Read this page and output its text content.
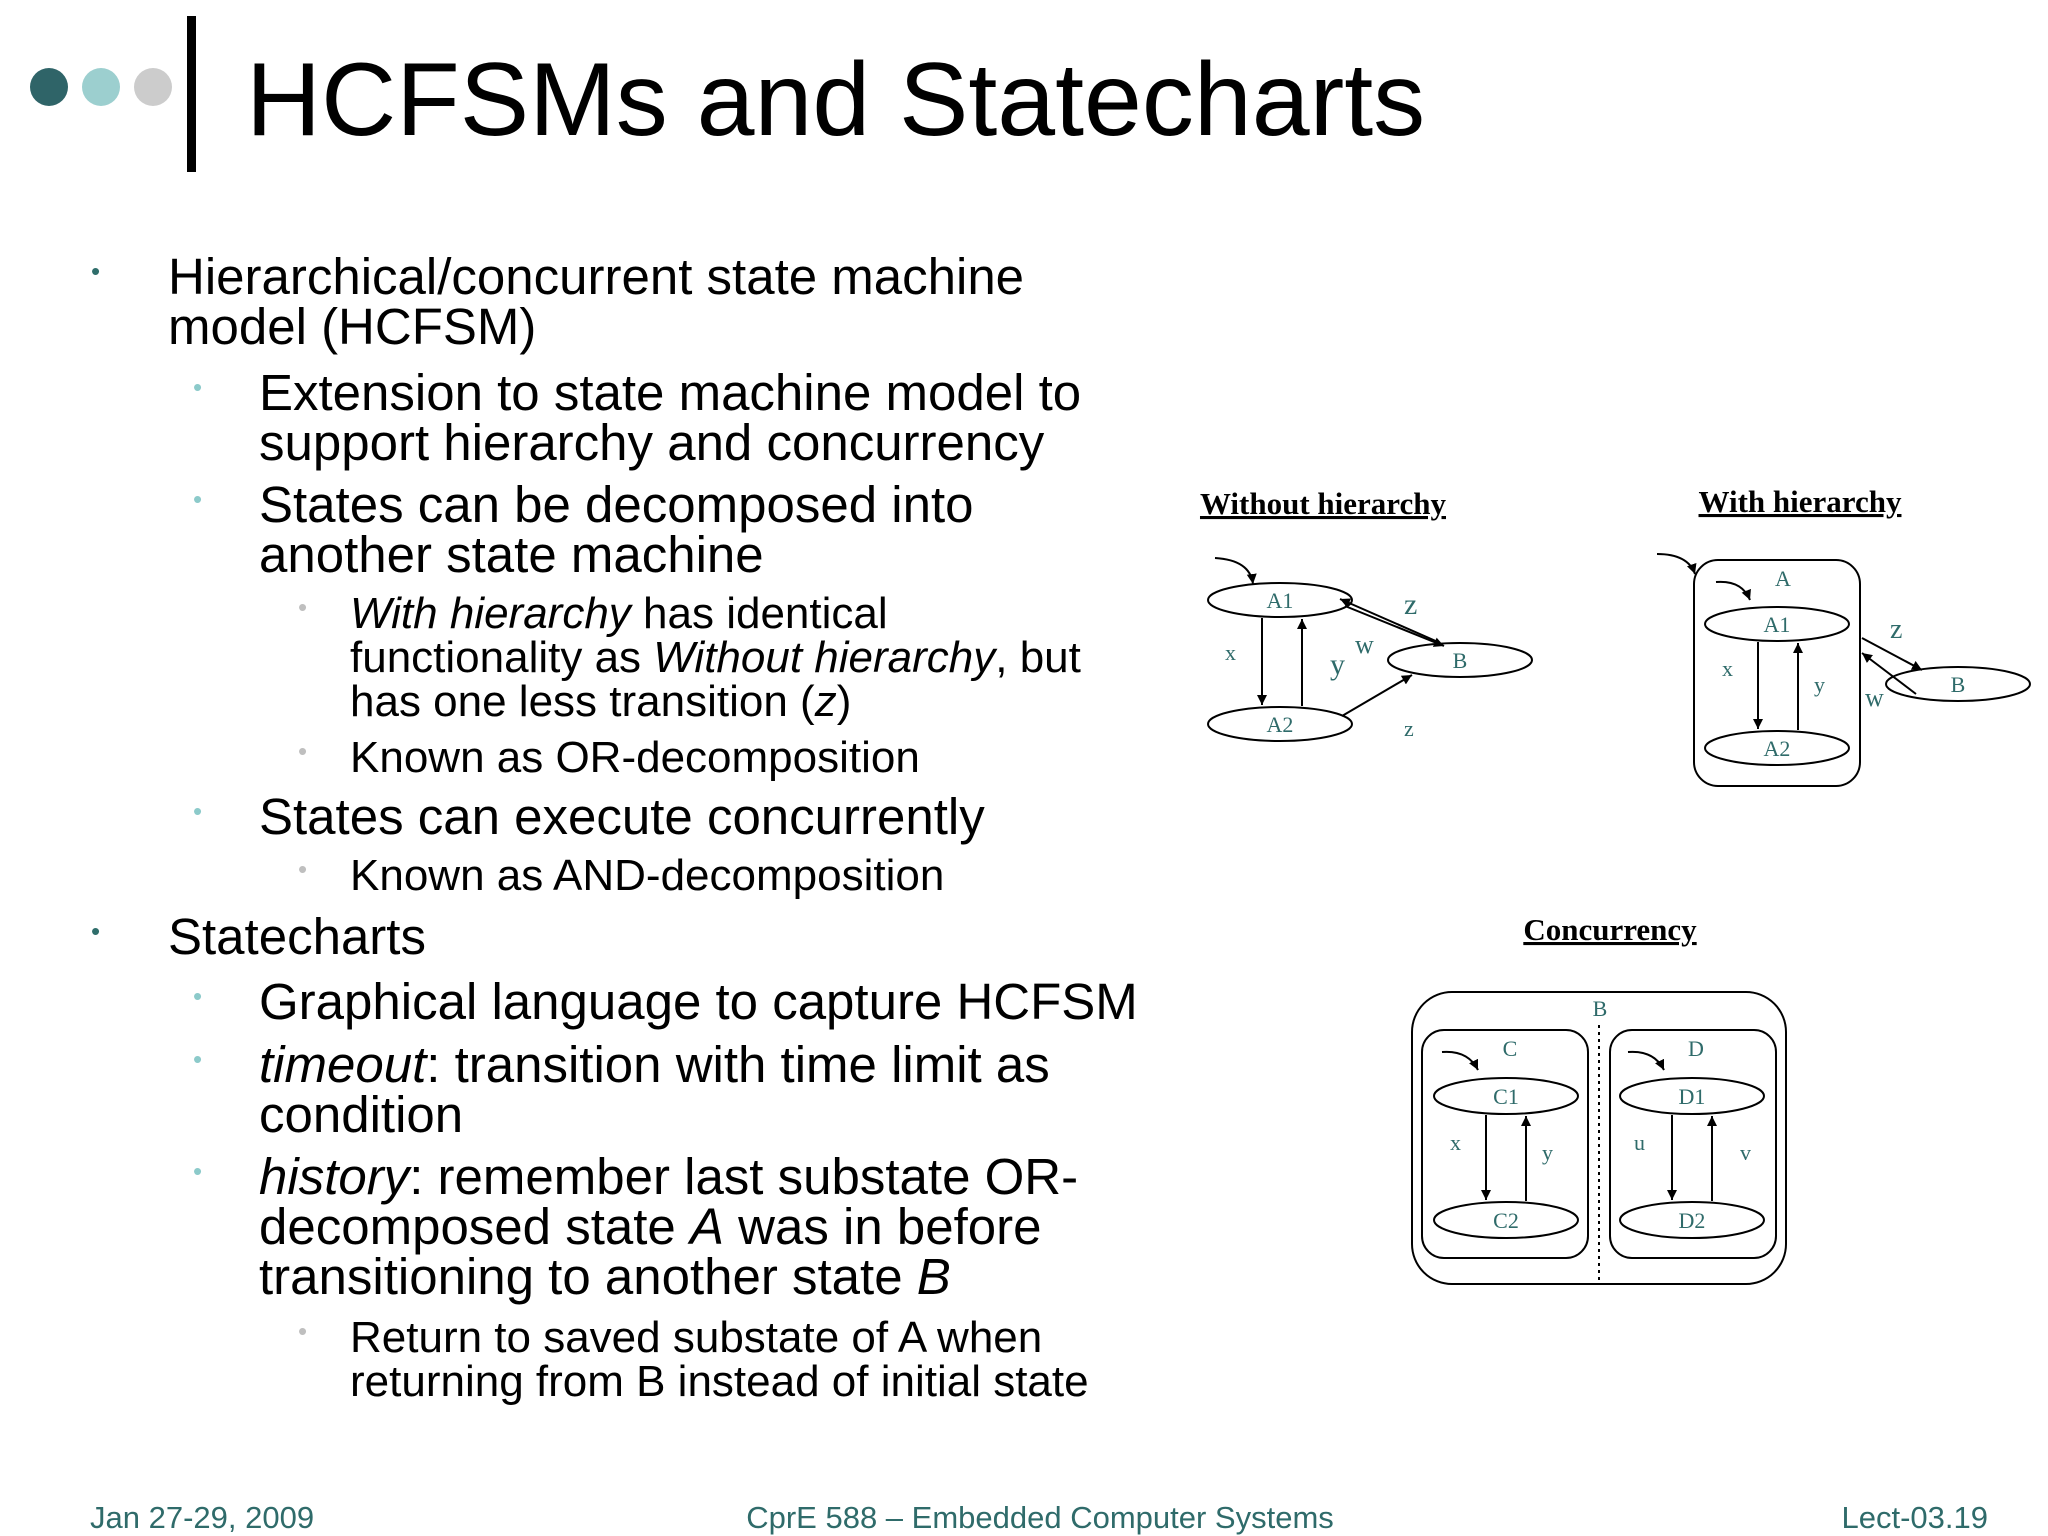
HCFSMs and Statecharts
• Hierarchical/concurrent state machine
model (HCFSM)
• Extension to state machine model to
support hierarchy and concurrency
• States can be decomposed into
another state machine
• With hierarchy has identical
functionality as Without hierarchy, but
has one less transition (z)
• Known as OR-decomposition
• States can execute concurrently
• Known as AND-decomposition
• Statecharts
• Graphical language to capture HCFSM
• timeout: transition with time limit as
condition
• history: remember last substate OR-
decomposed state A was in before
transitioning to another state B
• Return to saved substate of A when
returning from B instead of initial state
Without hierarchy
A1
A2
B
x	y
z
w
z
With hierarchy
A
A1
A2
B
x
y
z
w
Concurrency
B
C
C1
C2
x	y
D
D1
D2
u	v
Jan 27-29, 2009	CprE 588 – Embedded Computer Systems	Lect-03.19
